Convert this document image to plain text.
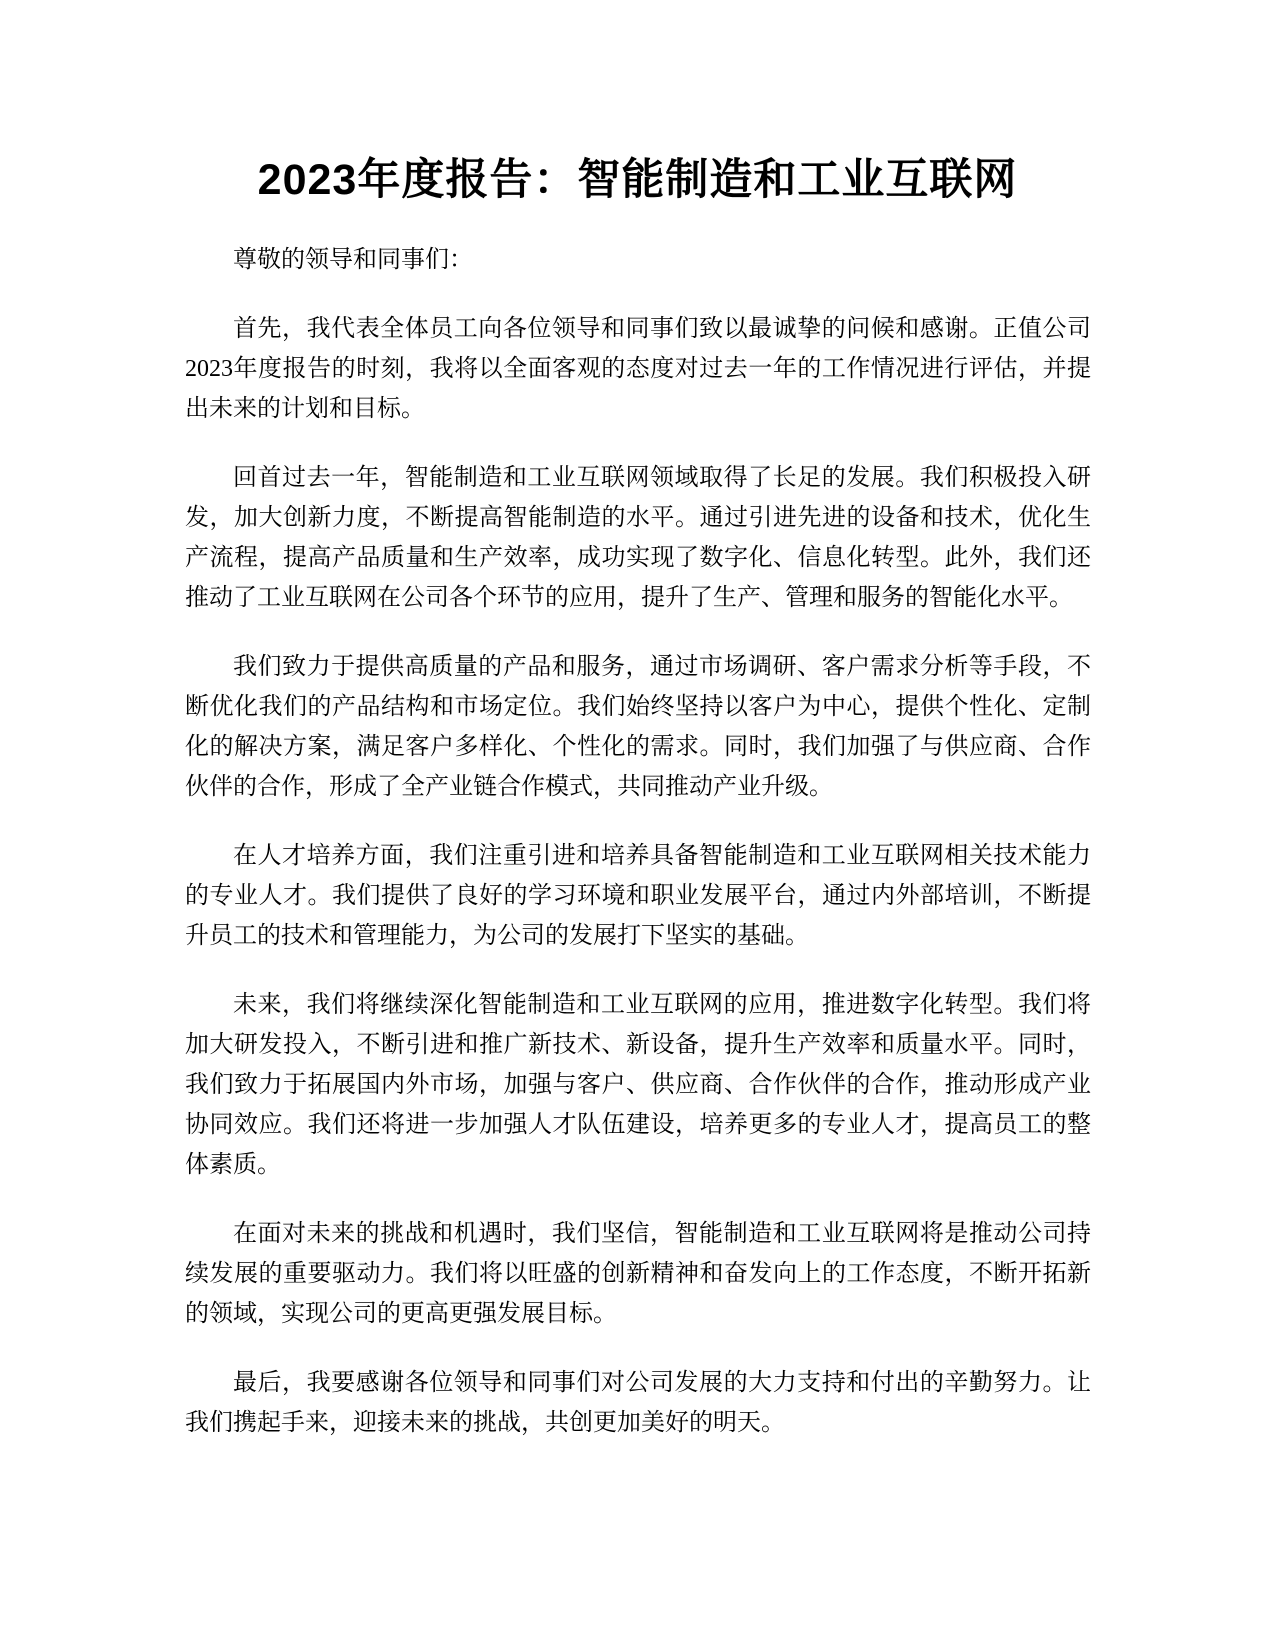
2023年度报告：智能制造和工业互联网

尊敬的领导和同事们：

首先，我代表全体员工向各位领导和同事们致以最诚挚的问候和感谢。正值公司2023年度报告的时刻，我将以全面客观的态度对过去一年的工作情况进行评估，并提出未来的计划和目标。

回首过去一年，智能制造和工业互联网领域取得了长足的发展。我们积极投入研发，加大创新力度，不断提高智能制造的水平。通过引进先进的设备和技术，优化生产流程，提高产品质量和生产效率，成功实现了数字化、信息化转型。此外，我们还推动了工业互联网在公司各个环节的应用，提升了生产、管理和服务的智能化水平。

我们致力于提供高质量的产品和服务，通过市场调研、客户需求分析等手段，不断优化我们的产品结构和市场定位。我们始终坚持以客户为中心，提供个性化、定制化的解决方案，满足客户多样化、个性化的需求。同时，我们加强了与供应商、合作伙伴的合作，形成了全产业链合作模式，共同推动产业升级。

在人才培养方面，我们注重引进和培养具备智能制造和工业互联网相关技术能力的专业人才。我们提供了良好的学习环境和职业发展平台，通过内外部培训，不断提升员工的技术和管理能力，为公司的发展打下坚实的基础。

未来，我们将继续深化智能制造和工业互联网的应用，推进数字化转型。我们将加大研发投入，不断引进和推广新技术、新设备，提升生产效率和质量水平。同时，我们致力于拓展国内外市场，加强与客户、供应商、合作伙伴的合作，推动形成产业协同效应。我们还将进一步加强人才队伍建设，培养更多的专业人才，提高员工的整体素质。

在面对未来的挑战和机遇时，我们坚信，智能制造和工业互联网将是推动公司持续发展的重要驱动力。我们将以旺盛的创新精神和奋发向上的工作态度，不断开拓新的领域，实现公司的更高更强发展目标。

最后，我要感谢各位领导和同事们对公司发展的大力支持和付出的辛勤努力。让我们携起手来，迎接未来的挑战，共创更加美好的明天。
